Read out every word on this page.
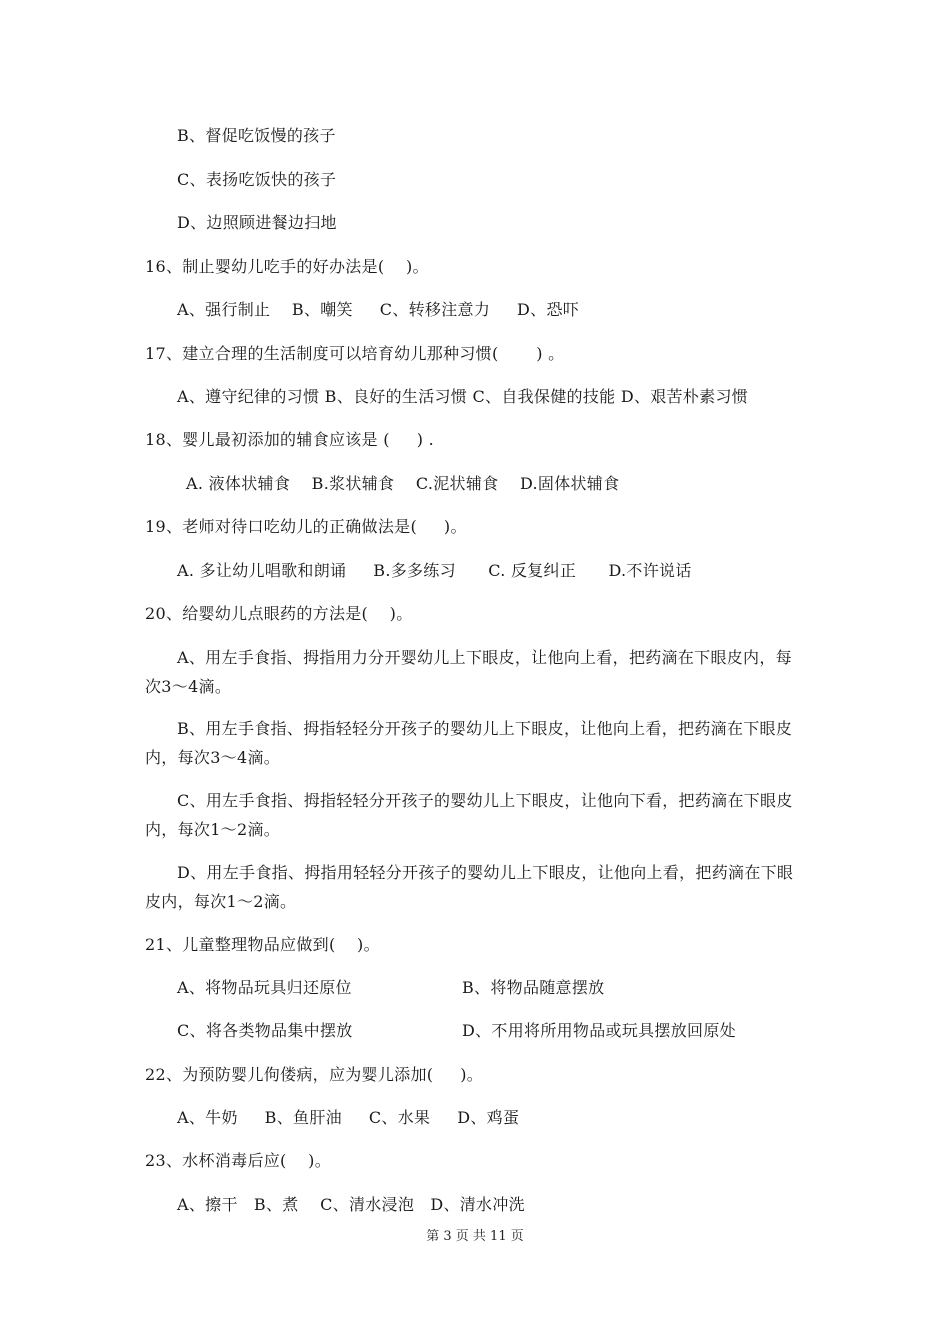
B、督促吃饭慢的孩子
C、表扬吃饭快的孩子
D、边照顾进餐边扫地
16、制止婴幼儿吃手的好办法是(    )。
A、强行制止    B、嘲笑     C、转移注意力     D、恐吓
17、建立合理的生活制度可以培育幼儿那种习惯(       ) 。
A、遵守纪律的习惯 B、良好的生活习惯 C、自我保健的技能 D、艰苦朴素习惯
18、婴儿最初添加的辅食应该是 (     ) .
A. 液体状辅食    B.浆状辅食    C.泥状辅食    D.固体状辅食
19、老师对待口吃幼儿的正确做法是(     )。
A. 多让幼儿唱歌和朗诵     B.多多练习      C. 反复纠正      D.不许说话
20、给婴幼儿点眼药的方法是(    )。
A、用左手食指、拇指用力分开婴幼儿上下眼皮，让他向上看，把药滴在下眼皮内，每
次3～4滴。
B、用左手食指、拇指轻轻分开孩子的婴幼儿上下眼皮，让他向上看，把药滴在下眼皮
内，每次3～4滴。
C、用左手食指、拇指轻轻分开孩子的婴幼儿上下眼皮，让他向下看，把药滴在下眼皮
内，每次1～2滴。
D、用左手食指、拇指用轻轻分开孩子的婴幼儿上下眼皮，让他向上看，把药滴在下眼
皮内，每次1～2滴。
21、儿童整理物品应做到(    )。
A、将物品玩具归还原位	B、将物品随意摆放
C、将各类物品集中摆放	D、不用将所用物品或玩具摆放回原处
22、为预防婴儿佝偻病，应为婴儿添加(     )。
A、牛奶     B、鱼肝油     C、水果     D、鸡蛋
23、水杯消毒后应(    )。
A、擦干   B、煮    C、清水浸泡   D、清水冲洗
第 3 页 共 11 页
